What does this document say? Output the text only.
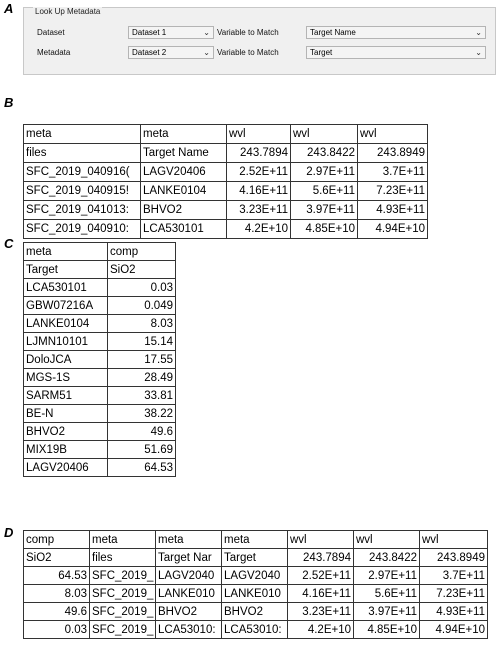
A
B
C
D
Look Up Metadata
Dataset	Dataset 1	⌄ Variable to Match	Target Name	⌄
Metadata	Dataset 2	⌄ Variable to Match	Target	⌄
meta	meta	wvl	wvl	wvl
files	Target Name	243.7894	243.8422	243.8949
SFC_2019_040916(	LAGV20406	2.52E+11	2.97E+11	3.7E+11
SFC_2019_040915!	LANKE0104	4.16E+11	5.6E+11	7.23E+11
SFC_2019_041013:	BHVO2	3.23E+11	3.97E+11	4.93E+11
SFC_2019_040910:	LCA530101	4.2E+10	4.85E+10	4.94E+10
meta	comp
Target	SiO2
LCA530101	0.03
GBW07216A	0.049
LANKE0104	8.03
LJMN10101	15.14
DoloJCA	17.55
MGS-1S	28.49
SARM51	33.81
BE-N	38.22
BHVO2	49.6
MIX19B	51.69
LAGV20406	64.53
comp	meta	meta	meta	wvl	wvl	wvl
SiO2	files	Target Nar	Target	243.7894	243.8422	243.8949
64.53	SFC_2019_	LAGV2040	LAGV2040	2.52E+11	2.97E+11	3.7E+11
8.03	SFC_2019_	LANKE010	LANKE010	4.16E+11	5.6E+11	7.23E+11
49.6	SFC_2019_	BHVO2	BHVO2	3.23E+11	3.97E+11	4.93E+11
0.03	SFC_2019_	LCA53010:	LCA53010:	4.2E+10	4.85E+10	4.94E+10
